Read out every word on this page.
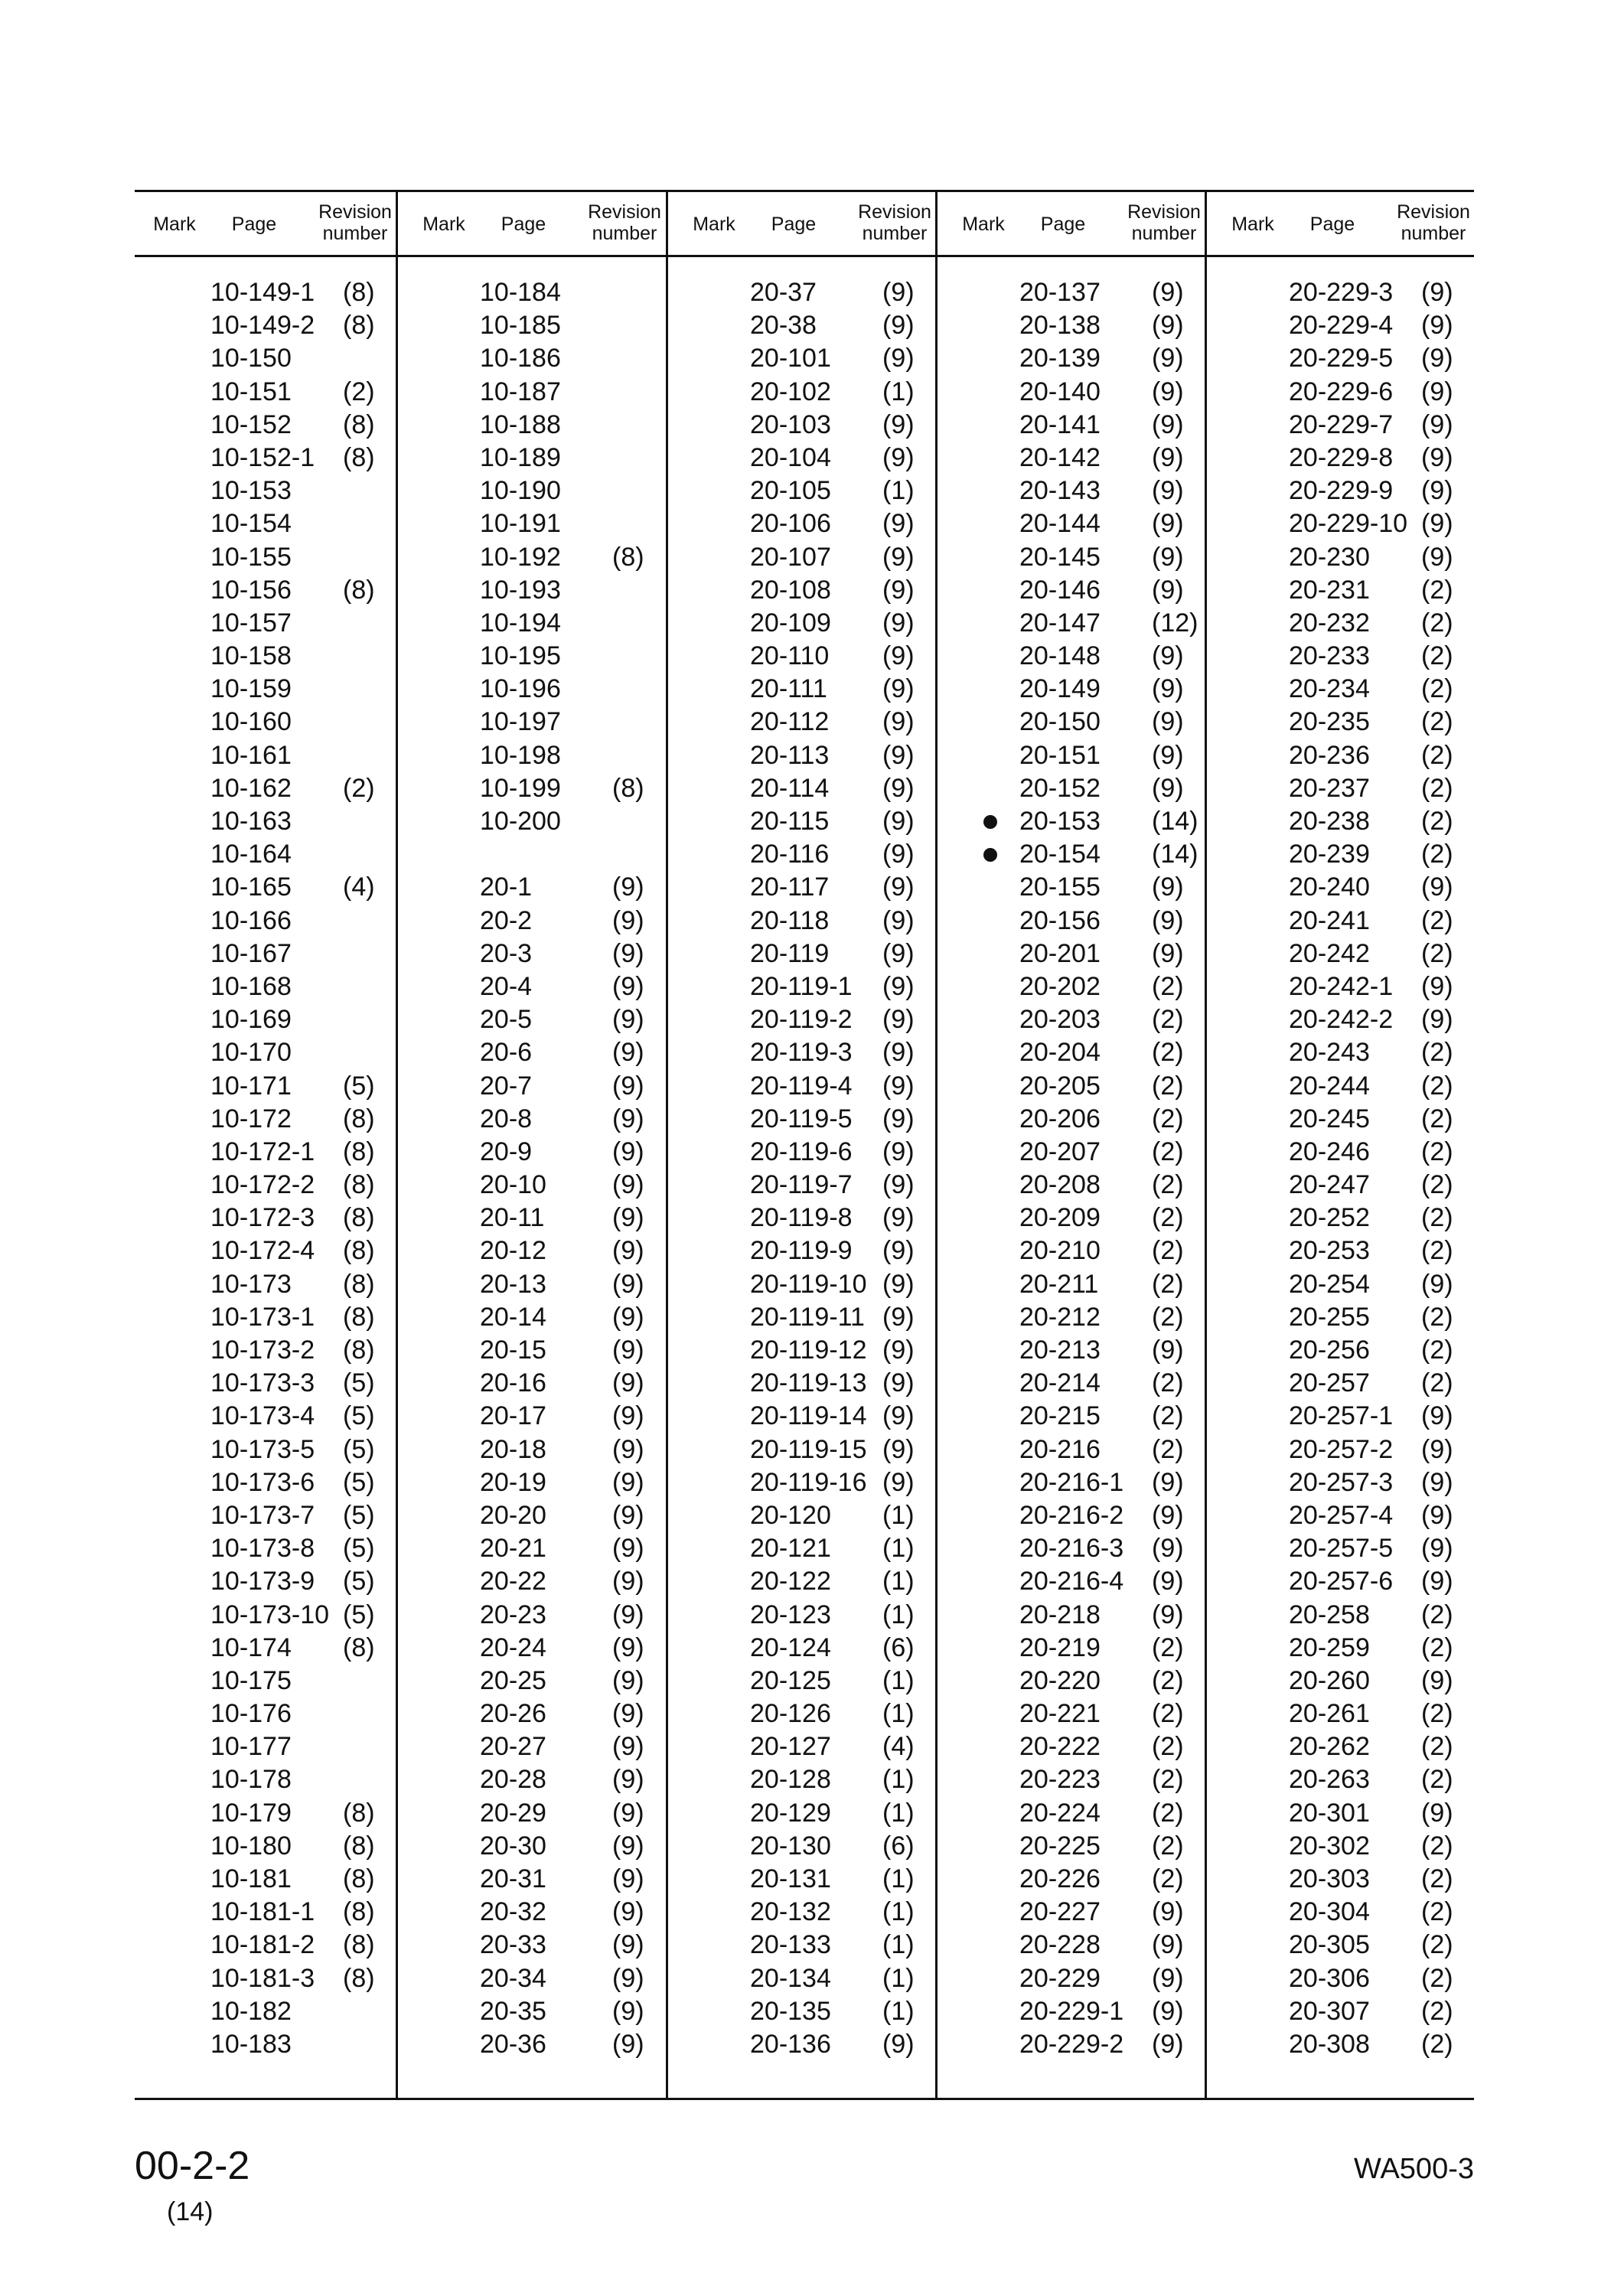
Mark	Page
Revision
number
10-149-1 (8)
10-149-2 (8)
10-150
10-151 (2)
10-152 (8)
10-152-1 (8)
10-153
10-154
10-155
10-156 (8)
10-157
10-158
10-159
10-160
10-161
10-162 (2)
10-163
10-164
10-165 (4)
10-166
10-167
10-168
10-169
10-170
10-171 (5)
10-172 (8)
10-172-1 (8)
10-172-2 (8)
10-172-3 (8)
10-172-4 (8)
10-173 (8)
10-173-1 (8)
10-173-2 (8)
10-173-3 (5)
10-173-4 (5)
10-173-5 (5)
10-173-6 (5)
10-173-7 (5)
10-173-8 (5)
10-173-9 (5)
10-173-10 (5)
10-174 (8)
10-175
10-176
10-177
10-178
10-179 (8)
10-180 (8)
10-181 (8)
10-181-1 (8)
10-181-2 (8)
10-181-3 (8)
10-182
10-183
Mark	Page
Revision
number
10-184
10-185
10-186
10-187
10-188
10-189
10-190
10-191
10-192 (8)
10-193
10-194
10-195
10-196
10-197
10-198
10-199 (8)
10-200
20-1	(9)
20-2	(9)
20-3	(9)
20-4	(9)
20-5	(9)
20-6	(9)
20-7	(9)
20-8	(9)
20-9	(9)
20-10	(9)
20-11	(9)
20-12	(9)
20-13	(9)
20-14	(9)
20-15	(9)
20-16	(9)
20-17	(9)
20-18	(9)
20-19	(9)
20-20	(9)
20-21	(9)
20-22	(9)
20-23	(9)
20-24	(9)
20-25	(9)
20-26	(9)
20-27	(9)
20-28	(9)
20-29	(9)
20-30	(9)
20-31	(9)
20-32	(9)
20-33	(9)
20-34	(9)
20-35	(9)
20-36	(9)
Mark	Page
Revision
number
20-37	(9)
20-38	(9)
20-101 (9)
20-102 (1)
20-103 (9)
20-104 (9)
20-105 (1)
20-106 (9)
20-107 (9)
20-108 (9)
20-109 (9)
20-110 (9)
20-111 (9)
20-112 (9)
20-113 (9)
20-114 (9)
20-115 (9)
20-116 (9)
20-117 (9)
20-118 (9)
20-119 (9)
20-119-1 (9)
20-119-2 (9)
20-119-3 (9)
20-119-4 (9)
20-119-5 (9)
20-119-6 (9)
20-119-7 (9)
20-119-8 (9)
20-119-9 (9)
20-119-10 (9)
20-119-11 (9)
20-119-12 (9)
20-119-13 (9)
20-119-14 (9)
20-119-15 (9)
20-119-16 (9)
20-120 (1)
20-121 (1)
20-122 (1)
20-123 (1)
20-124 (6)
20-125 (1)
20-126 (1)
20-127 (4)
20-128 (1)
20-129 (1)
20-130 (6)
20-131 (1)
20-132 (1)
20-133 (1)
20-134 (1)
20-135 (1)
20-136 (9)
Mark	Page
Revision
number
20-137 (9)
20-138 (9)
20-139 (9)
20-140 (9)
20-141 (9)
20-142 (9)
20-143 (9)
20-144 (9)
20-145 (9)
20-146 (9)
20-147 (12)
20-148 (9)
20-149 (9)
20-150 (9)
20-151 (9)
20-152 (9)
20-153 (14)
20-154 (14)
20-155 (9)
20-156 (9)
20-201 (9)
20-202 (2)
20-203 (2)
20-204 (2)
20-205 (2)
20-206 (2)
20-207 (2)
20-208 (2)
20-209 (2)
20-210 (2)
20-211 (2)
20-212 (2)
20-213 (9)
20-214 (2)
20-215 (2)
20-216 (2)
20-216-1 (9)
20-216-2 (9)
20-216-3 (9)
20-216-4 (9)
20-218 (9)
20-219 (2)
20-220 (2)
20-221 (2)
20-222 (2)
20-223 (2)
20-224 (2)
20-225 (2)
20-226 (2)
20-227 (9)
20-228 (9)
20-229 (9)
20-229-1 (9)
20-229-2 (9)
Mark	Page
Revision
number
20-229-3 (9)
20-229-4 (9)
20-229-5 (9)
20-229-6 (9)
20-229-7 (9)
20-229-8 (9)
20-229-9 (9)
20-229-10 (9)
20-230 (9)
20-231 (2)
20-232 (2)
20-233 (2)
20-234 (2)
20-235 (2)
20-236 (2)
20-237 (2)
20-238 (2)
20-239 (2)
20-240 (9)
20-241 (2)
20-242 (2)
20-242-1 (9)
20-242-2 (9)
20-243 (2)
20-244 (2)
20-245 (2)
20-246 (2)
20-247 (2)
20-252 (2)
20-253 (2)
20-254 (9)
20-255 (2)
20-256 (2)
20-257 (2)
20-257-1 (9)
20-257-2 (9)
20-257-3 (9)
20-257-4 (9)
20-257-5 (9)
20-257-6 (9)
20-258 (2)
20-259 (2)
20-260 (9)
20-261 (2)
20-262 (2)
20-263 (2)
20-301 (9)
20-302 (2)
20-303 (2)
20-304 (2)
20-305 (2)
20-306 (2)
20-307 (2)
20-308 (2)
00-2-2
(14)
WA500-3
